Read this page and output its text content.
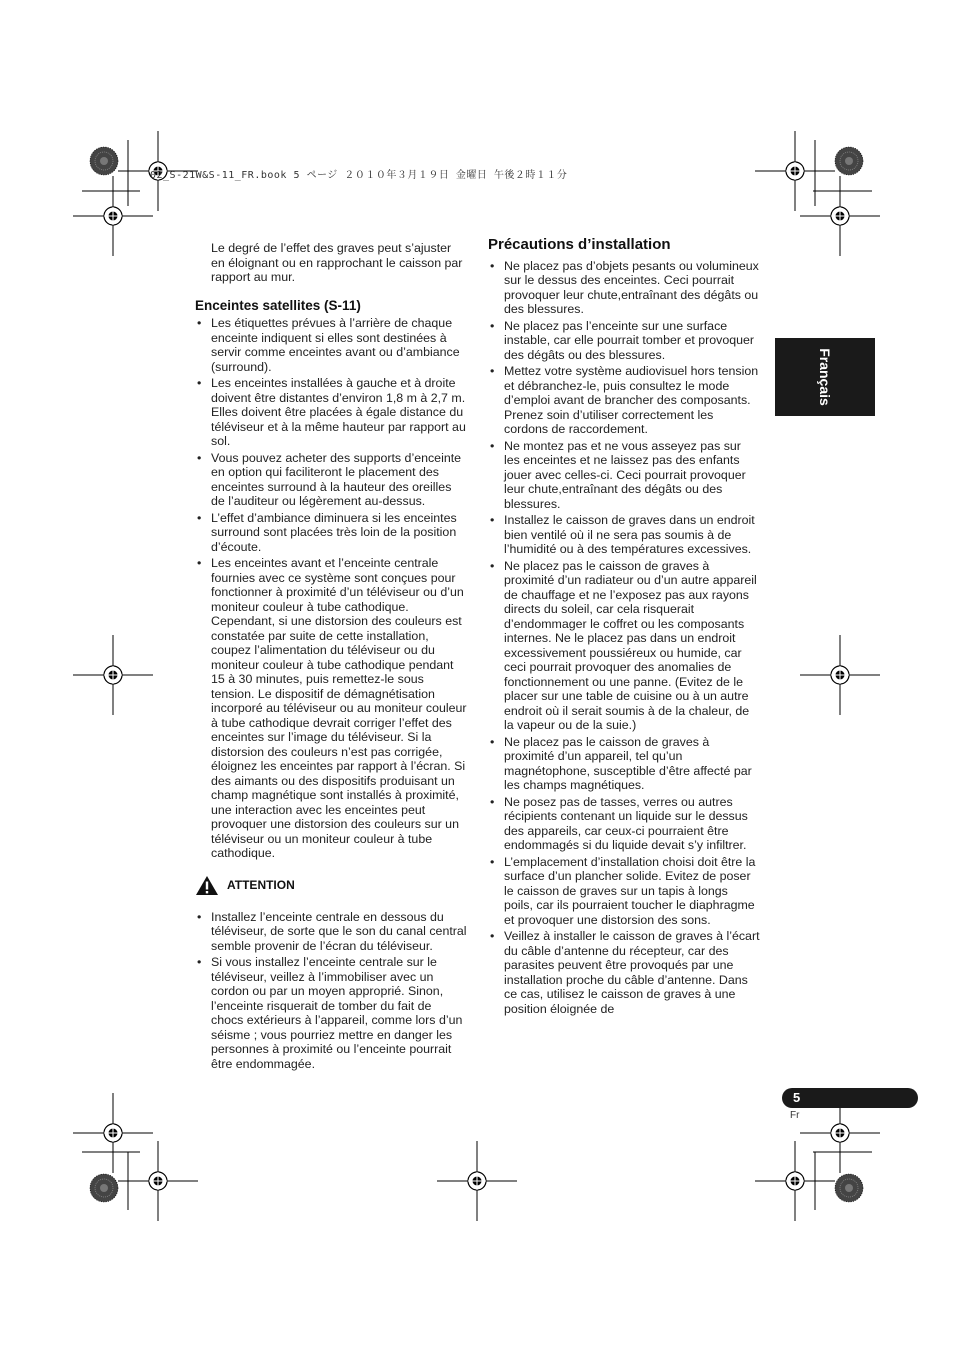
02_S-21W&S-11_FR.book 5 ページ ２０１０年３月１９日 金曜日 午後２時１１分
Français

Le degré de l’effet des graves peut s’ajuster en éloignant ou en rapprochant le caisson par rapport au mur.

Enceintes satellites (S-11)
• Les étiquettes prévues à l’arrière de chaque enceinte indiquent si elles sont destinées à servir comme enceintes avant ou d’ambiance (surround).
• Les enceintes installées à gauche et à droite doivent être distantes d’environ 1,8 m à 2,7 m. Elles doivent être placées à égale distance du téléviseur et à la même hauteur par rapport au sol.
• Vous pouvez acheter des supports d’enceinte en option qui faciliteront le placement des enceintes surround à la hauteur des oreilles de l’auditeur ou légèrement au-dessus.
• L’effet d’ambiance diminuera si les enceintes surround sont placées très loin de la position d’écoute.
• Les enceintes avant et l’enceinte centrale fournies avec ce système sont conçues pour fonctionner à proximité d’un téléviseur ou d’un moniteur couleur à tube cathodique. Cependant, si une distorsion des couleurs est constatée par suite de cette installation, coupez l’alimentation du téléviseur ou du moniteur couleur à tube cathodique pendant 15 à 30 minutes, puis remettez-le sous tension. Le dispositif de démagnétisation incorporé au téléviseur ou au moniteur couleur à tube cathodique devrait corriger l’effet des enceintes sur l’image du téléviseur. Si la distorsion des couleurs n’est pas corrigée, éloignez les enceintes par rapport à l’écran. Si des aimants ou des dispositifs produisant un champ magnétique sont installés à proximité, une interaction avec les enceintes peut provoquer une distorsion des couleurs sur un téléviseur ou un moniteur couleur à tube cathodique.
ATTENTION
• Installez l’enceinte centrale en dessous du téléviseur, de sorte que le son du canal central semble provenir de l’écran du téléviseur.
• Si vous installez l’enceinte centrale sur le téléviseur, veillez à l’immobiliser avec un cordon ou par un moyen approprié. Sinon, l’enceinte risquerait de tomber du fait de chocs extérieurs à l’appareil, comme lors d’un séisme ; vous pourriez mettre en danger les personnes à proximité ou l’enceinte pourrait être endommagée.
Précautions d’installation
• Ne placez pas d’objets pesants ou volumineux sur le dessus des enceintes. Ceci pourrait provoquer leur chute,entraînant des dégâts ou des blessures.
• Ne placez pas l’enceinte sur une surface instable, car elle pourrait tomber et provoquer des dégâts ou des blessures.
• Mettez votre système audiovisuel hors tension et débranchez-le, puis consultez le mode d’emploi avant de brancher des composants. Prenez soin d’utiliser correctement les cordons de raccordement.
• Ne montez pas et ne vous asseyez pas sur les enceintes et ne laissez pas des enfants jouer avec celles-ci. Ceci pourrait provoquer leur chute,entraînant des dégâts ou des blessures.
• Installez le caisson de graves dans un endroit bien ventilé où il ne sera pas soumis à de l’humidité ou à des températures excessives.
• Ne placez pas le caisson de graves à proximité d’un radiateur ou d’un autre appareil de chauffage et ne l’exposez pas aux rayons directs du soleil, car cela risquerait d’endommager le coffret ou les composants internes. Ne le placez pas dans un endroit excessivement poussiéreux ou humide, car ceci pourrait provoquer des anomalies de fonctionnement ou une panne. (Evitez de le placer sur une table de cuisine ou à un autre endroit où il serait soumis à de la chaleur, de la vapeur ou de la suie.)
• Ne placez pas le caisson de graves à proximité d’un appareil, tel qu’un magnétophone, susceptible d’être affecté par les champs magnétiques.
• Ne posez pas de tasses, verres ou autres récipients contenant un liquide sur le dessus des appareils, car ceux-ci pourraient être endommagés si du liquide devait s’y infiltrer.
• L’emplacement d’installation choisi doit être la surface d’un plancher solide. Evitez de poser le caisson de graves sur un tapis à longs poils, car ils pourraient toucher le diaphragme et provoquer une distorsion des sons.
• Veillez à installer le caisson de graves à l’écart du câble d’antenne du récepteur, car des parasites peuvent être provoqués par une installation proche du câble d’antenne. Dans ce cas, utilisez le caisson de graves à une position éloignée de
5
Fr
